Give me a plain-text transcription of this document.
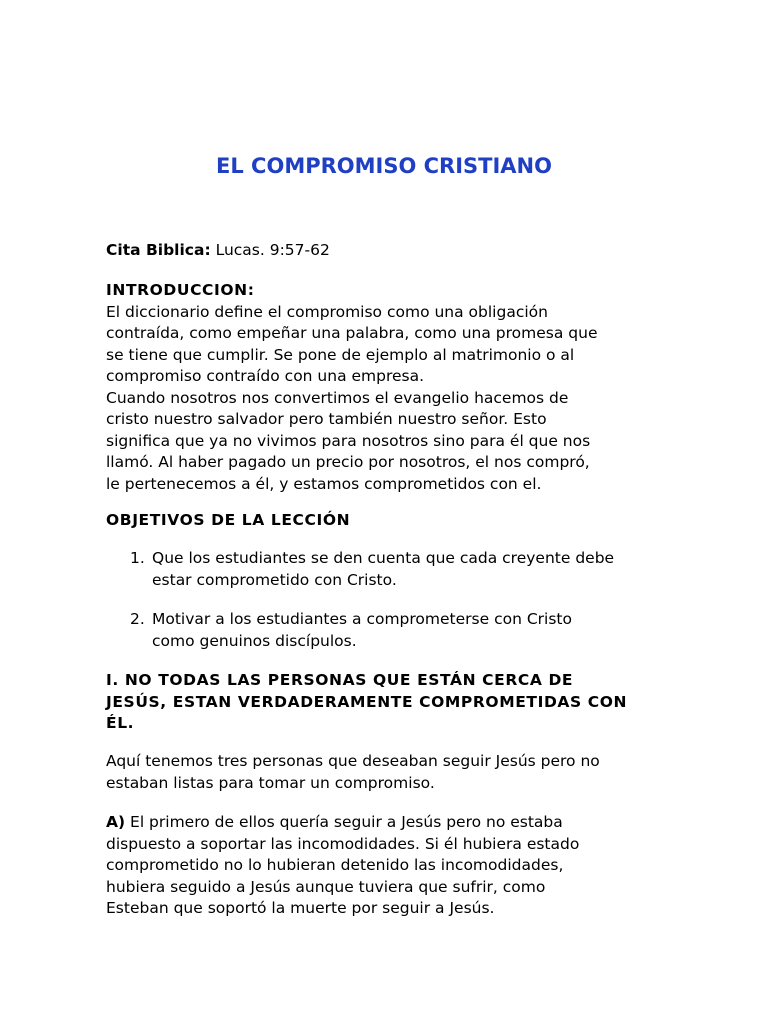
EL COMPROMISO CRISTIANO

Cita Biblica: Lucas. 9:57-62

INTRODUCCION:
El diccionario define el compromiso como una obligación
contraída, como empeñar una palabra, como una promesa que
se tiene que cumplir. Se pone de ejemplo al matrimonio o al
compromiso contraído con una empresa.
Cuando nosotros nos convertimos el evangelio hacemos de
cristo nuestro salvador pero también nuestro señor. Esto
significa que ya no vivimos para nosotros sino para él que nos
llamó. Al haber pagado un precio por nosotros, el nos compró,
le pertenecemos a él, y estamos comprometidos con el.

OBJETIVOS DE LA LECCIÓN

1. Que los estudiantes se den cuenta que cada creyente debe
estar comprometido con Cristo.
2. Motivar a los estudiantes a comprometerse con Cristo
como genuinos discípulos.
I. NO TODAS LAS PERSONAS QUE ESTÁN CERCA DE
JESÚS, ESTAN VERDADERAMENTE COMPROMETIDAS CON
ÉL.
Aquí tenemos tres personas que deseaban seguir Jesús pero no
estaban listas para tomar un compromiso.
A) El primero de ellos quería seguir a Jesús pero no estaba
dispuesto a soportar las incomodidades. Si él hubiera estado
comprometido no lo hubieran detenido las incomodidades,
hubiera seguido a Jesús aunque tuviera que sufrir, como
Esteban que soportó la muerte por seguir a Jesús.
